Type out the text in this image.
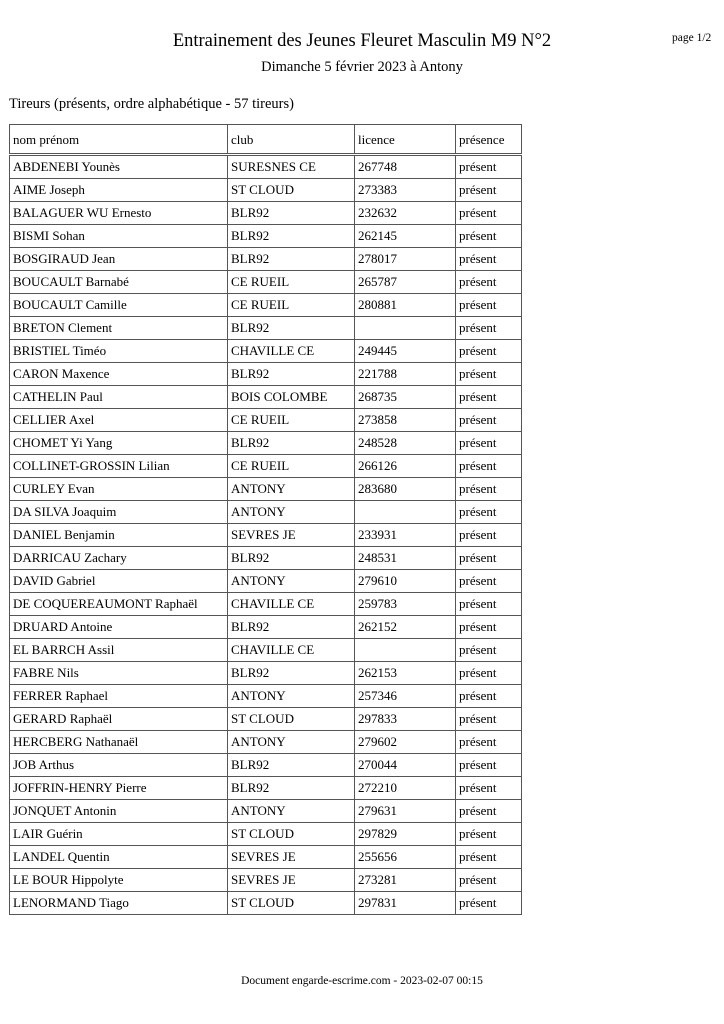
Entrainement des Jeunes Fleuret Masculin M9 N°2	page 1/2
Dimanche 5 février 2023 à Antony
Tireurs (présents, ordre alphabétique - 57 tireurs)
nom prénom	club	licence	présence
ABDENEBI Younès	SURESNES CE	267748	présent
AIME Joseph	ST CLOUD	273383	présent
BALAGUER WU Ernesto	BLR92	232632	présent
BISMI Sohan	BLR92	262145	présent
BOSGIRAUD Jean	BLR92	278017	présent
BOUCAULT Barnabé	CE RUEIL	265787	présent
BOUCAULT Camille	CE RUEIL	280881	présent
BRETON Clement	BLR92		présent
BRISTIEL Timéo	CHAVILLE CE	249445	présent
CARON Maxence	BLR92	221788	présent
CATHELIN Paul	BOIS COLOMBE	268735	présent
CELLIER Axel	CE RUEIL	273858	présent
CHOMET Yi Yang	BLR92	248528	présent
COLLINET-GROSSIN Lilian	CE RUEIL	266126	présent
CURLEY Evan	ANTONY	283680	présent
DA SILVA Joaquim	ANTONY		présent
DANIEL Benjamin	SEVRES JE	233931	présent
DARRICAU Zachary	BLR92	248531	présent
DAVID Gabriel	ANTONY	279610	présent
DE COQUEREAUMONT Raphaël	CHAVILLE CE	259783	présent
DRUARD Antoine	BLR92	262152	présent
EL BARRCH Assil	CHAVILLE CE		présent
FABRE Nils	BLR92	262153	présent
FERRER Raphael	ANTONY	257346	présent
GERARD Raphaël	ST CLOUD	297833	présent
HERCBERG Nathanaël	ANTONY	279602	présent
JOB Arthus	BLR92	270044	présent
JOFFRIN-HENRY Pierre	BLR92	272210	présent
JONQUET Antonin	ANTONY	279631	présent
LAIR Guérin	ST CLOUD	297829	présent
LANDEL Quentin	SEVRES JE	255656	présent
LE BOUR Hippolyte	SEVRES JE	273281	présent
LENORMAND Tiago	ST CLOUD	297831	présent
Document engarde-escrime.com - 2023-02-07 00:15
